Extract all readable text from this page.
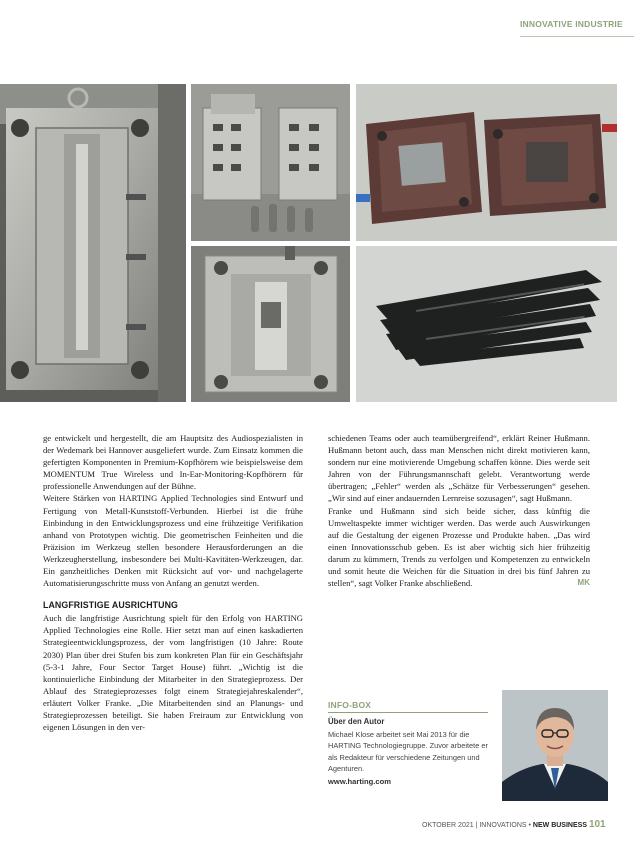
INNOVATIVE INDUSTRIE

ge entwickelt und hergestellt, die am Hauptsitz des Audiospezialisten in der Wedemark bei Hannover ausgeliefert wurde. Zum Einsatz kommen die gefertigten Komponenten in Premium-Kopfhörern wie beispielsweise dem MOMENTUM True Wireless und In-Ear-Monitoring-Kopfhörern für professionelle Anwendungen auf der Bühne.

Weitere Stärken von HARTING Applied Technologies sind Entwurf und Fertigung von Metall-Kunststoff-Verbunden. Hierbei ist die frühe Einbindung in den Entwicklungsprozess und eine frühzeitige Verifikation anhand von Prototypen wichtig. Die geometrischen Feinheiten und die Präzision im Werkzeug stellen besondere Herausforderungen an die Werkzeugherstellung, insbesondere bei Multi-Kavitäten-Werkzeugen, dar. Ein ganzheitliches Denken mit Rücksicht auf vor- und nachgelagerte Automatisierungsschritte muss von Anfang an genutzt werden.

LANGFRISTIGE AUSRICHTUNG

Auch die langfristige Ausrichtung spielt für den Erfolg von HARTING Applied Technologies eine Rolle. Hier setzt man auf einen kaskadierten Strategieentwicklungsprozess, der vom langfristigen (10 Jahre: Route 2030) Plan über drei Stufen bis zum konkreten Plan für ein Geschäftsjahr (5-3-1 Jahre, Four Sector Target House) führt. „Wichtig ist die kontinuierliche Einbindung der Mitarbeiter in den Strategieprozess. Der Ablauf des Strategieprozesses folgt einem Strategiejahreskalender“, erläutert Volker Franke. „Die Mitarbeitenden sind an Planungs- und Strategieprozessen beteiligt. Sie haben Freiraum zur Entwicklung von eigenen Lösungen in den ver-

schiedenen Teams oder auch teamübergreifend“, erklärt Reiner Hußmann. Hußmann betont auch, dass man Menschen nicht direkt motivieren kann, sondern nur eine motivierende Umgebung schaffen könne. Dies werde seit Jahren von der Führungsmannschaft gelebt. Verantwortung werde übertragen; „Fehler“ werden als „Schätze für Verbesserungen“ gesehen. „Wir sind auf einer andauernden Lernreise sozusagen“, sagt Hußmann.

Franke und Hußmann sind sich beide sicher, dass künftig die Umweltaspekte immer wichtiger werden. Das werde auch Auswirkungen auf die Gestaltung der eigenen Prozesse und Produkte haben. „Das wird einen Innovationsschub geben. Es ist aber wichtig sich hier frühzeitig darum zu kümmern, Trends zu verfolgen und Kompetenzen zu entwickeln und somit heute die Weichen für die Situation in drei bis fünf Jahren zu stellen“, sagt Volker Franke abschließend.	MK

INFO-BOX
Über den Autor
Michael Klose arbeitet seit Mai 2013 für die HARTING Technologiegruppe. Zuvor arbeitete er als Redakteur für verschiedene Zeitungen und Agenturen.
www.harting.com
OKTOBER 2021 | INNOVATIONS • NEW BUSINESS 101
